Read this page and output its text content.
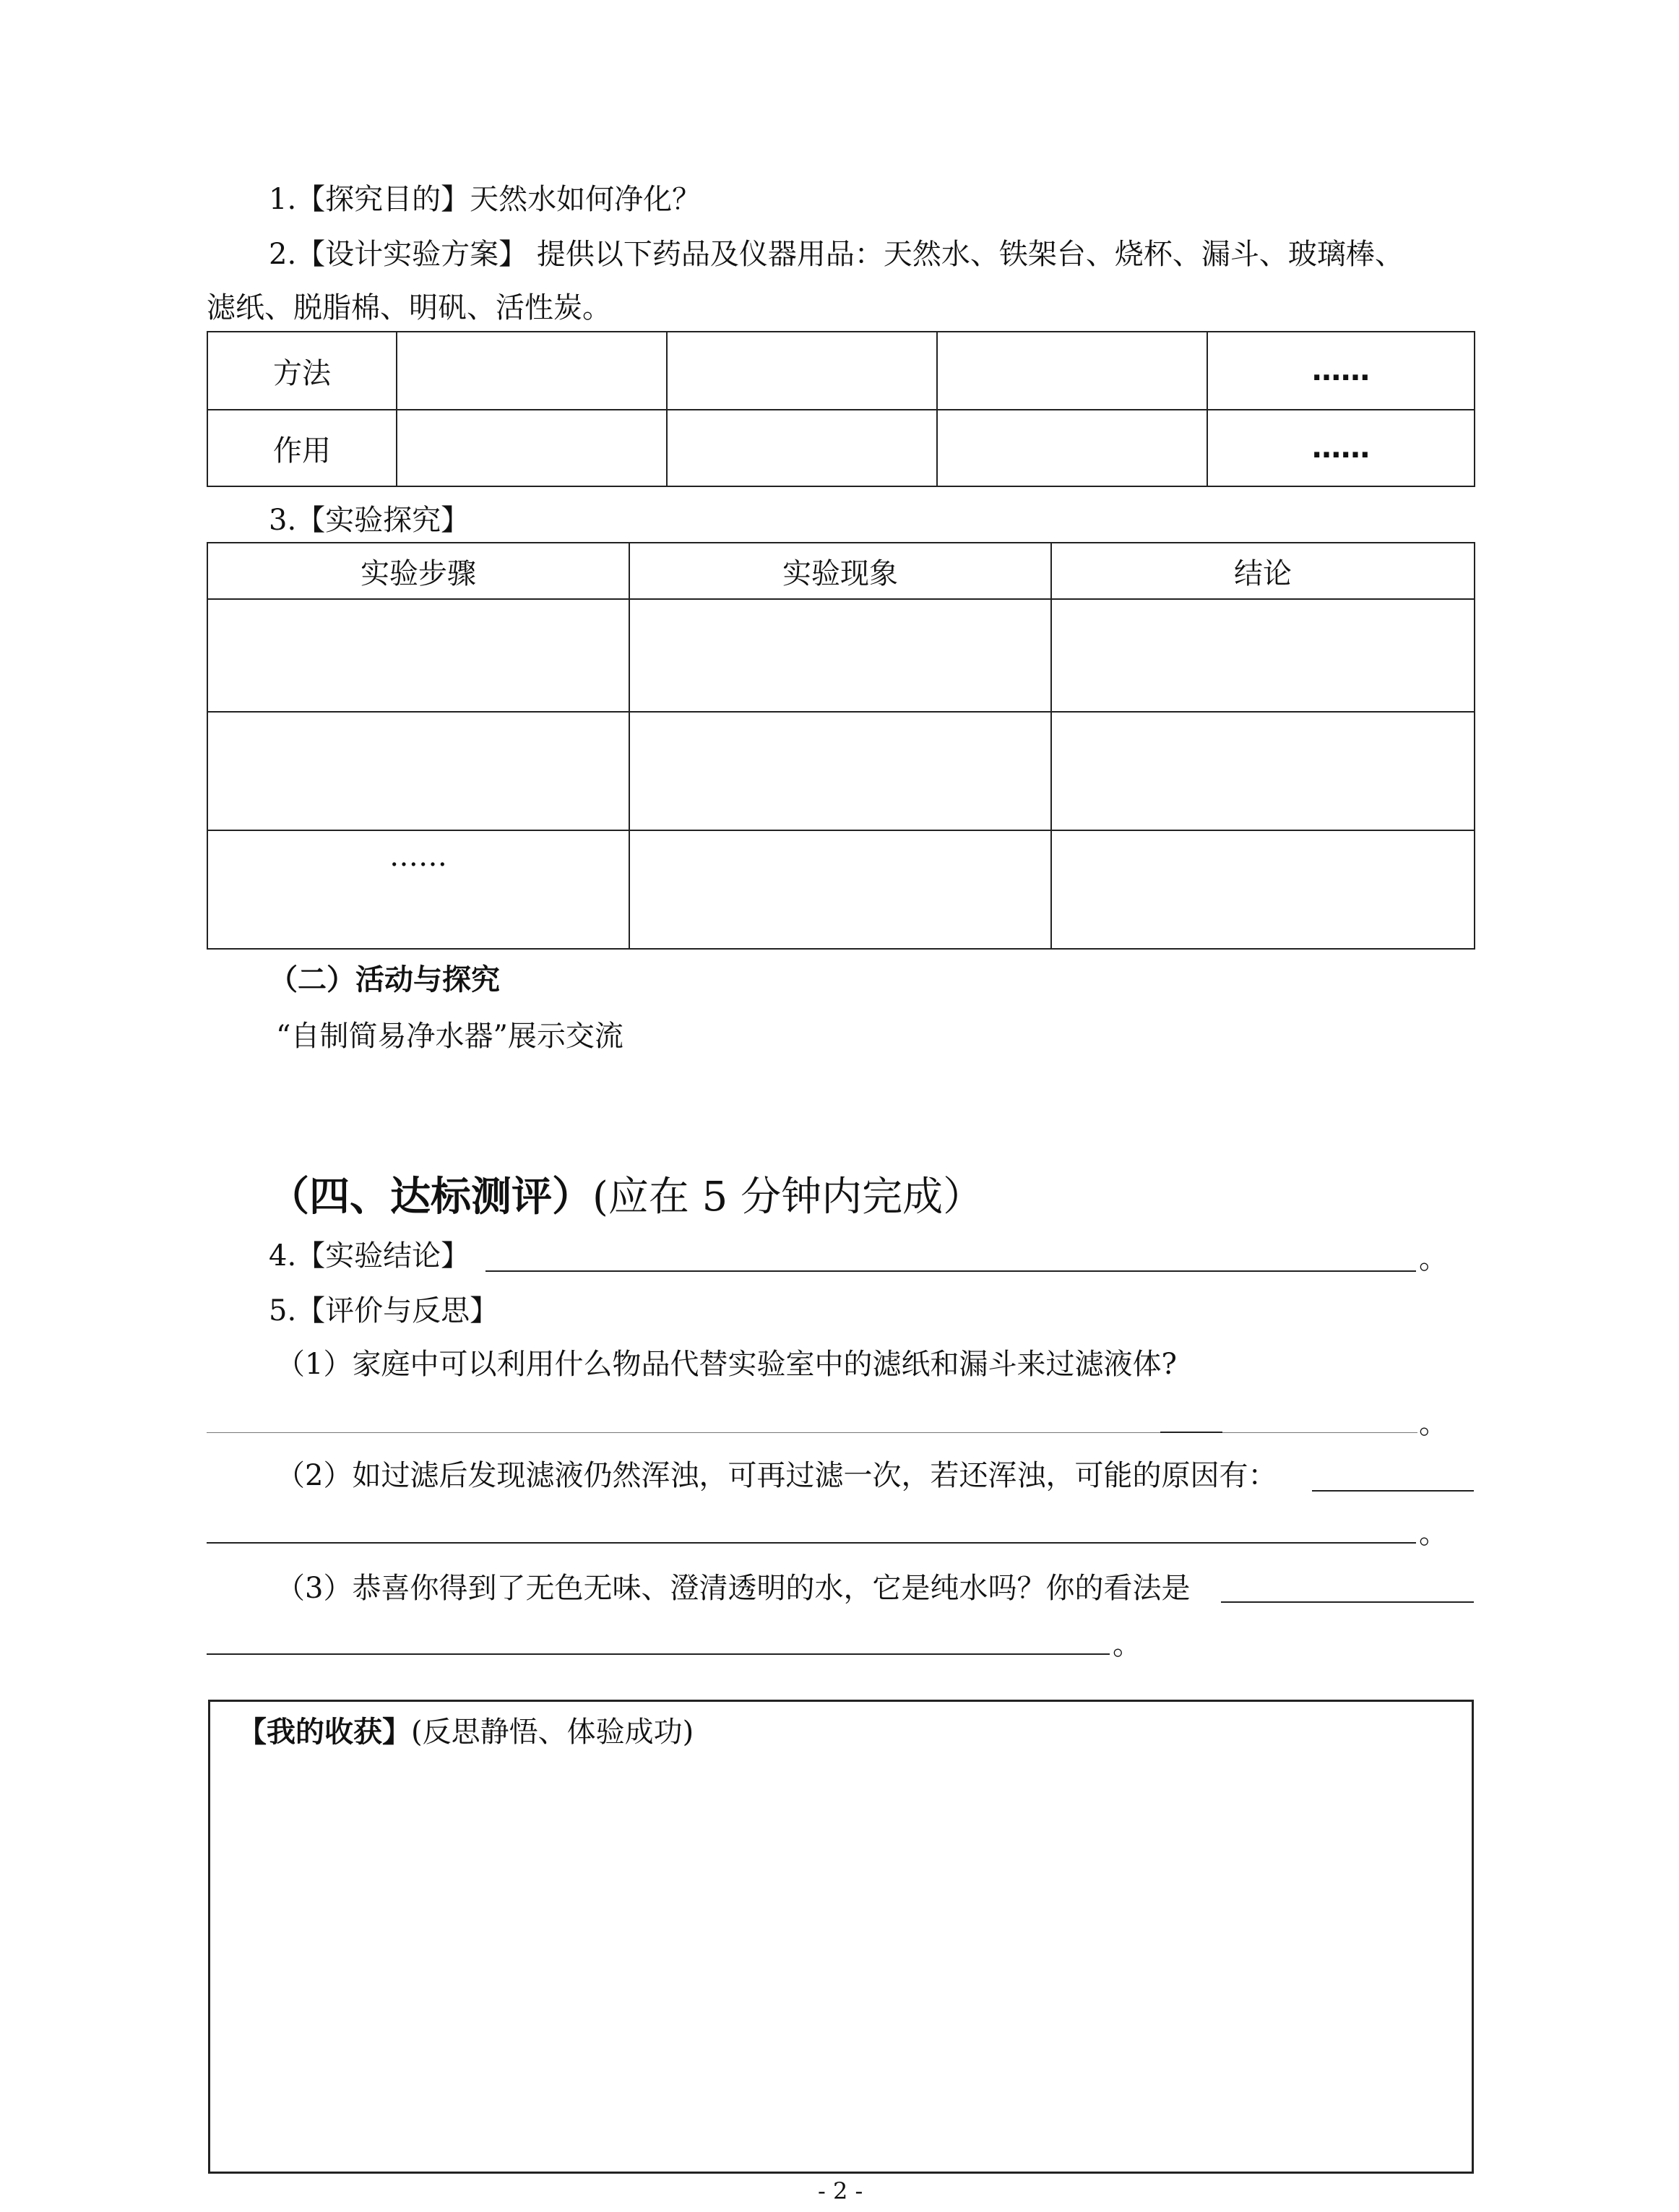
1.【探究目的】天然水如何净化？
2.【设计实验方案】 提供以下药品及仪器用品：天然水、铁架台、烧杯、漏斗、玻璃棒、
滤纸、脱脂棉、明矾、活性炭。
方法				……
作用				……
3.【实验探究】
实验步骤	实验现象	结论

……		
（二）活动与探究
“自制简易净水器”展示交流
（四、达标测评）(应在 5 分钟内完成）
4.【实验结论】	。
5.【评价与反思】
（1）家庭中可以利用什么物品代替实验室中的滤纸和漏斗来过滤液体?
。
（2）如过滤后发现滤液仍然浑浊，可再过滤一次，若还浑浊，可能的原因有：
。
（3）恭喜你得到了无色无味、澄清透明的水，它是纯水吗？你的看法是
。
【我的收获】(反思静悟、体验成功)
- 2 -
